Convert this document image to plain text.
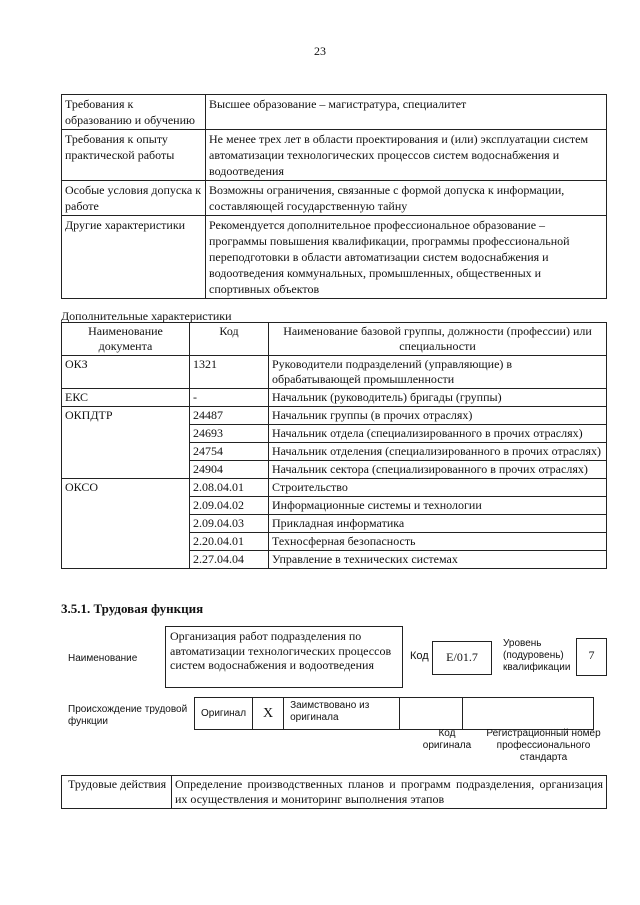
23
Требования к образованию и обучению	Высшее образование – магистратура, специалитет
Требования к опыту практической работы	Не менее трех лет в области проектирования и (или) эксплуатации систем автоматизации технологических процессов систем водоснабжения и водоотведения
Особые условия допуска к работе	Возможны ограничения, связанные с формой допуска к информации, составляющей государственную тайну
Другие характеристики	Рекомендуется дополнительное профессиональное образование – программы повышения квалификации, программы профессиональной переподготовки в области автоматизации систем водоснабжения и водоотведения коммунальных, промышленных, общественных и спортивных объектов
Дополнительные характеристики
Наименование документа	Код	Наименование базовой группы, должности (профессии) или специальности
ОКЗ	1321	Руководители подразделений (управляющие) в обрабатывающей промышленности
ЕКС	-	Начальник (руководитель) бригады (группы)
ОКПДТР	24487	Начальник группы (в прочих отраслях)
	24693	Начальник отдела (специализированного в прочих отраслях)
	24754	Начальник отделения (специализированного в прочих отраслях)
	24904	Начальник сектора (специализированного в прочих отраслях)
ОКСО	2.08.04.01	Строительство
	2.09.04.02	Информационные системы и технологии
	2.09.04.03	Прикладная информатика
	2.20.04.01	Техносферная безопасность
	2.27.04.04	Управление в технических системах
3.5.1. Трудовая функция
Наименование
Организация работ подразделения по автоматизации технологических процессов систем водоснабжения и водоотведения
Код	E/01.7
Уровень (подуровень) квалификации
7
Происхождение трудовой функции
Оригинал	X	Заимствовано из оригинала		
Код оригинала
Регистрационный номер профессионального стандарта
Трудовые действия	Определение производственных планов и программ подразделения, организация их осуществления и мониторинг выполнения этапов
